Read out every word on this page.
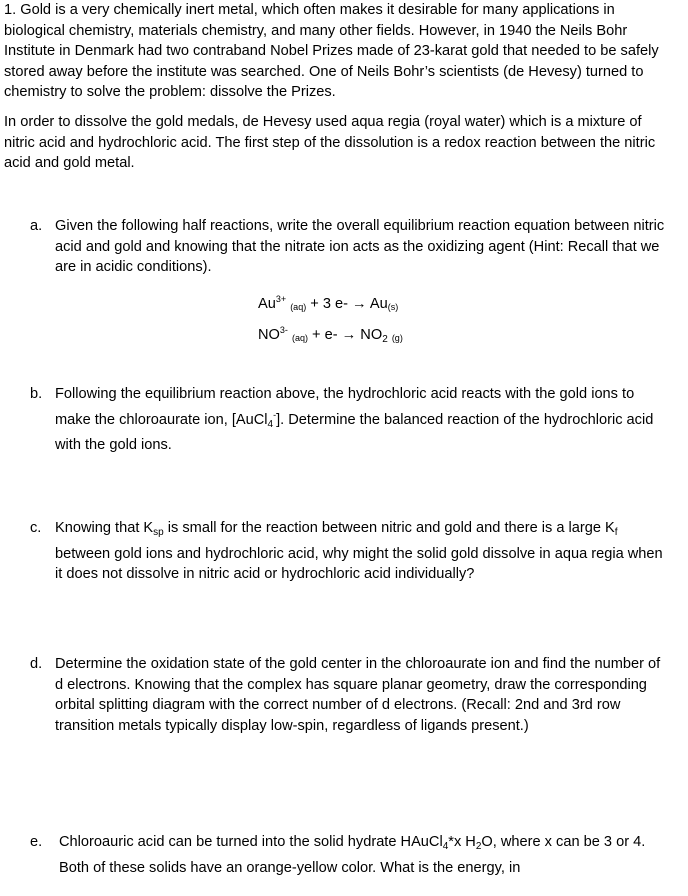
1. Gold is a very chemically inert metal, which often makes it desirable for many applications in biological chemistry, materials chemistry, and many other fields. However, in 1940 the Neils Bohr Institute in Denmark had two contraband Nobel Prizes made of 23-karat gold that needed to be safely stored away before the institute was searched. One of Neils Bohr’s scientists (de Hevesy) turned to chemistry to solve the problem: dissolve the Prizes.

In order to dissolve the gold medals, de Hevesy used aqua regia (royal water) which is a mixture of nitric acid and hydrochloric acid. The first step of the dissolution is a redox reaction between the nitric acid and gold metal.

a. Given the following half reactions, write the overall equilibrium reaction equation between nitric acid and gold and knowing that the nitrate ion acts as the oxidizing agent (Hint: Recall that we are in acidic conditions).
$Au^{3+}$ (aq) + 3 e- → Au(s)
$NO^{3-}$ $(aq) + e- \to NO_2$ (g)
b. Following the equilibrium reaction above, the hydrochloric acid reacts with the gold ions to make the chloroaurate ion, [AuCl$_4$-]. Determine the balanced reaction of the hydrochloric acid with the gold ions.
c. Knowing that $K_{sp}$ is small for the reaction between nitric and gold and there is a large $K_f$ between gold ions and hydrochloric acid, why might the solid gold dissolve in aqua regia when it does not dissolve in nitric acid or hydrochloric acid individually?
d. Determine the oxidation state of the gold center in the chloroaurate ion and find the number of d electrons. Knowing that the complex has square planar geometry, draw the corresponding orbital splitting diagram with the correct number of d electrons. (Recall: 2nd and 3rd row transition metals typically display low-spin, regardless of ligands present.)
e. Chloroauric acid can be turned into the solid hydrate HAuCl$_4$*x $H_2O$, where x can be 3 or 4. Both of these solids have an orange-yellow color. What is the energy, in
